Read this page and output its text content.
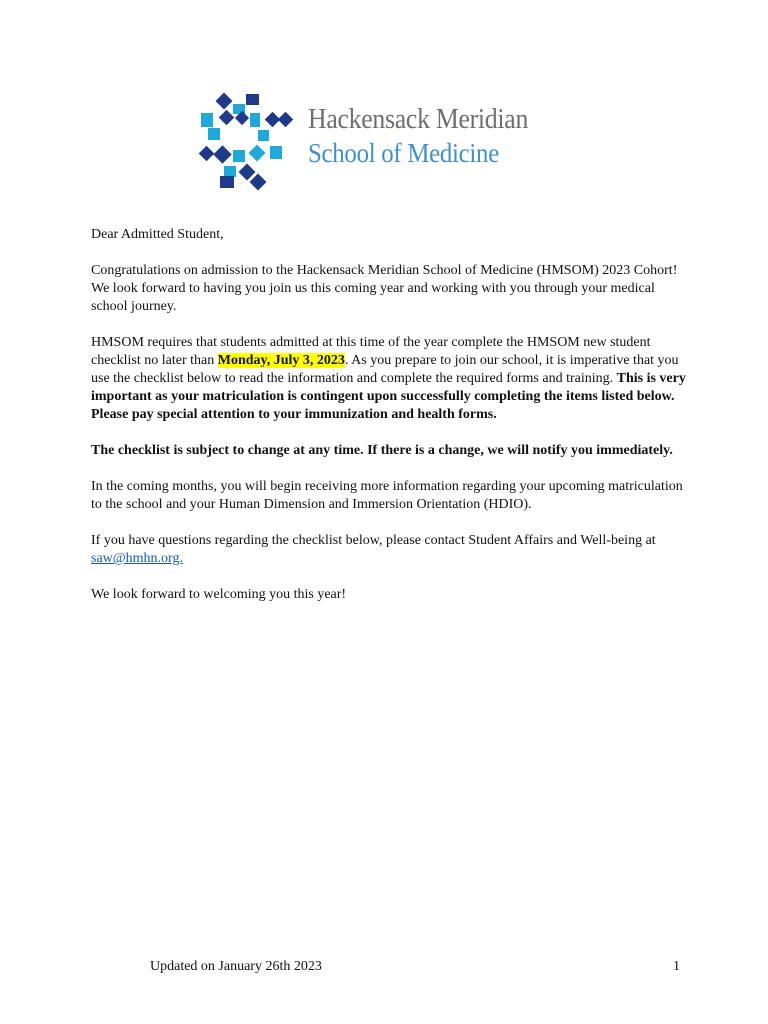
Hackensack Meridian
School of Medicine

Dear Admitted Student,

Congratulations on admission to the Hackensack Meridian School of Medicine (HMSOM) 2023 Cohort! We look forward to having you join us this coming year and working with you through your medical school journey.

HMSOM requires that students admitted at this time of the year complete the HMSOM new student checklist no later than Monday, July 3, 2023. As you prepare to join our school, it is imperative that you use the checklist below to read the information and complete the required forms and training. This is very important as your matriculation is contingent upon successfully completing the items listed below. Please pay special attention to your immunization and health forms.

The checklist is subject to change at any time. If there is a change, we will notify you immediately.

In the coming months, you will begin receiving more information regarding your upcoming matriculation to the school and your Human Dimension and Immersion Orientation (HDIO).

If you have questions regarding the checklist below, please contact Student Affairs and Well-being at saw@hmhn.org.

We look forward to welcoming you this year!

Updated on January 26th 2023	1
